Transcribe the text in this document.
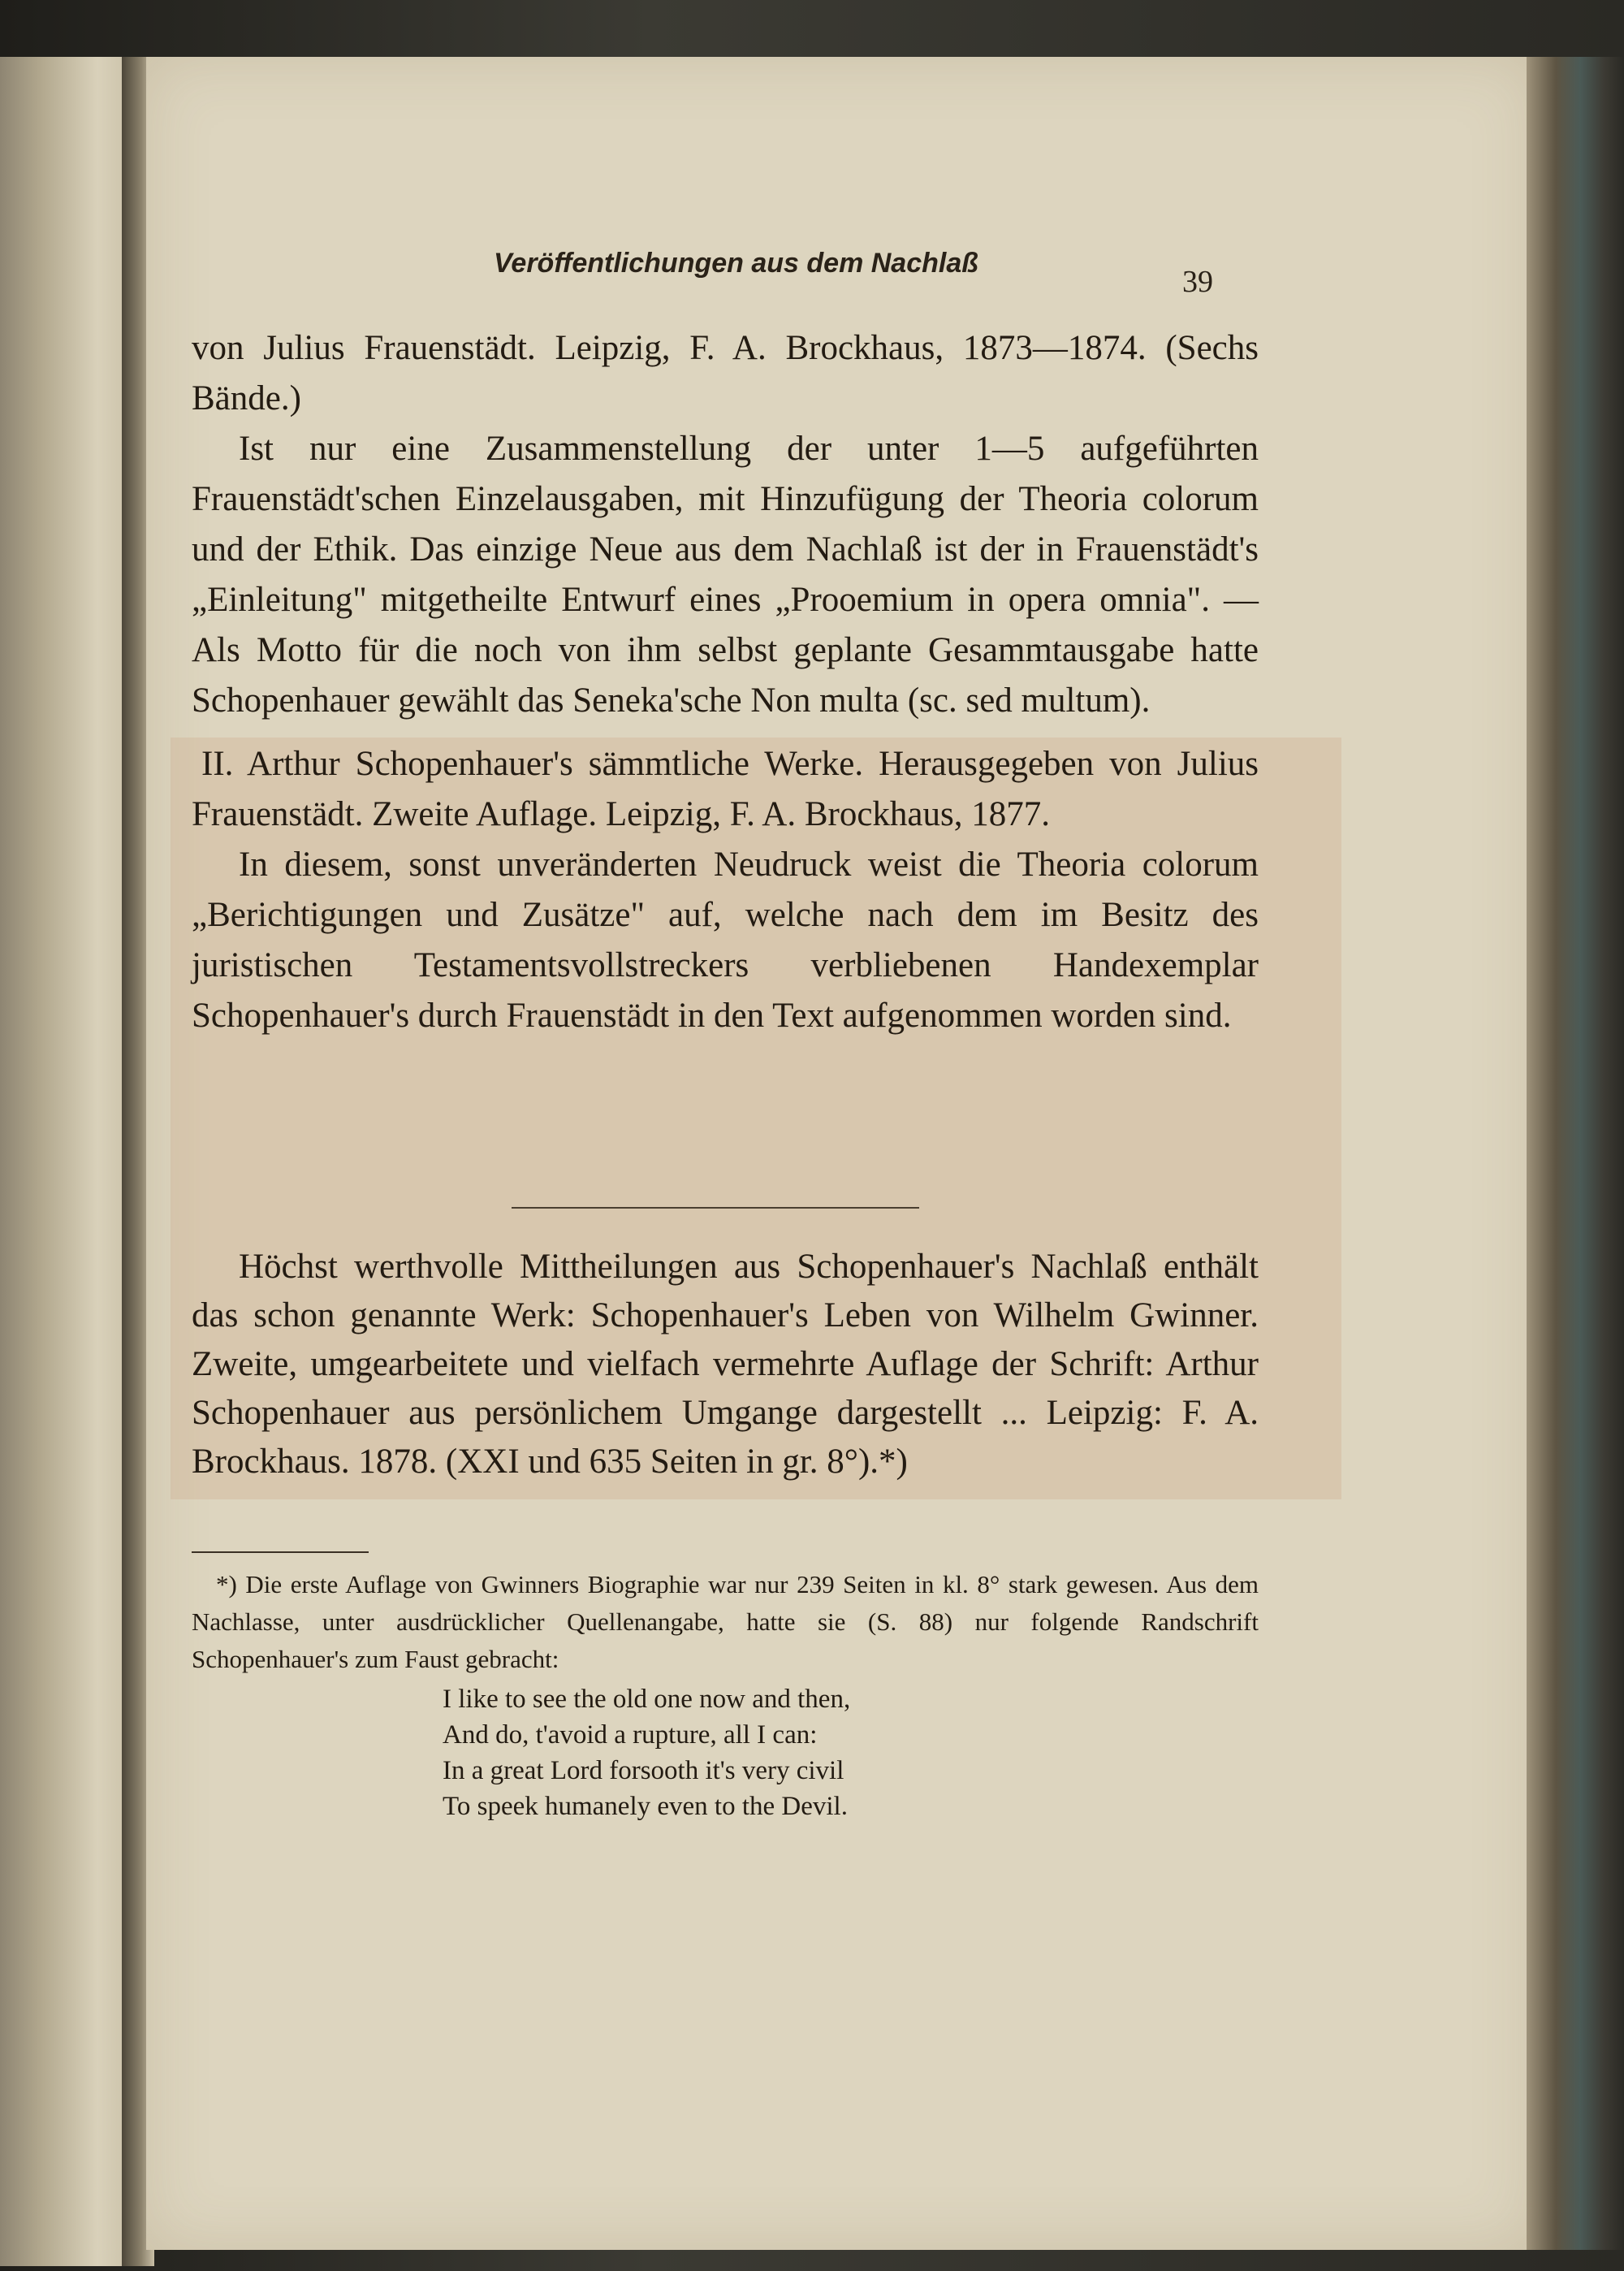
Veröffentlichungen aus dem Nachlaß
39

von Julius Frauenstädt. Leipzig, F. A. Brockhaus, 1873—1874. (Sechs Bände.)

Ist nur eine Zusammenstellung der unter 1—5 aufgeführten Frauenstädt'schen Einzelausgaben, mit Hinzufügung der Theoria colorum und der Ethik. Das einzige Neue aus dem Nachlaß ist der in Frauenstädt's „Einleitung" mitgetheilte Entwurf eines „Prooemium in opera omnia". — Als Motto für die noch von ihm selbst geplante Gesammtausgabe hatte Schopenhauer gewählt das Seneka'sche Non multa (sc. sed multum).

II. Arthur Schopenhauer's sämmtliche Werke. Herausgegeben von Julius Frauenstädt. Zweite Auflage. Leipzig, F. A. Brockhaus, 1877.

In diesem, sonst unveränderten Neudruck weist die Theoria colorum „Berichtigungen und Zusätze" auf, welche nach dem im Besitz des juristischen Testamentsvollstreckers verbliebenen Handexemplar Schopenhauer's durch Frauenstädt in den Text aufgenommen worden sind.

Höchst werthvolle Mittheilungen aus Schopenhauer's Nachlaß enthält das schon genannte Werk: Schopenhauer's Leben von Wilhelm Gwinner. Zweite, umgearbeitete und vielfach vermehrte Auflage der Schrift: Arthur Schopenhauer aus persönlichem Umgange dargestellt ... Leipzig: F. A. Brockhaus. 1878. (XXI und 635 Seiten in gr. 8°).*)

*) Die erste Auflage von Gwinners Biographie war nur 239 Seiten in kl. 8° stark gewesen. Aus dem Nachlasse, unter ausdrücklicher Quellenangabe, hatte sie (S. 88) nur folgende Randschrift Schopenhauer's zum Faust gebracht:

I like to see the old one now and then,
And do, t'avoid a rupture, all I can:
In a great Lord forsooth it's very civil
To speek humanely even to the Devil.
